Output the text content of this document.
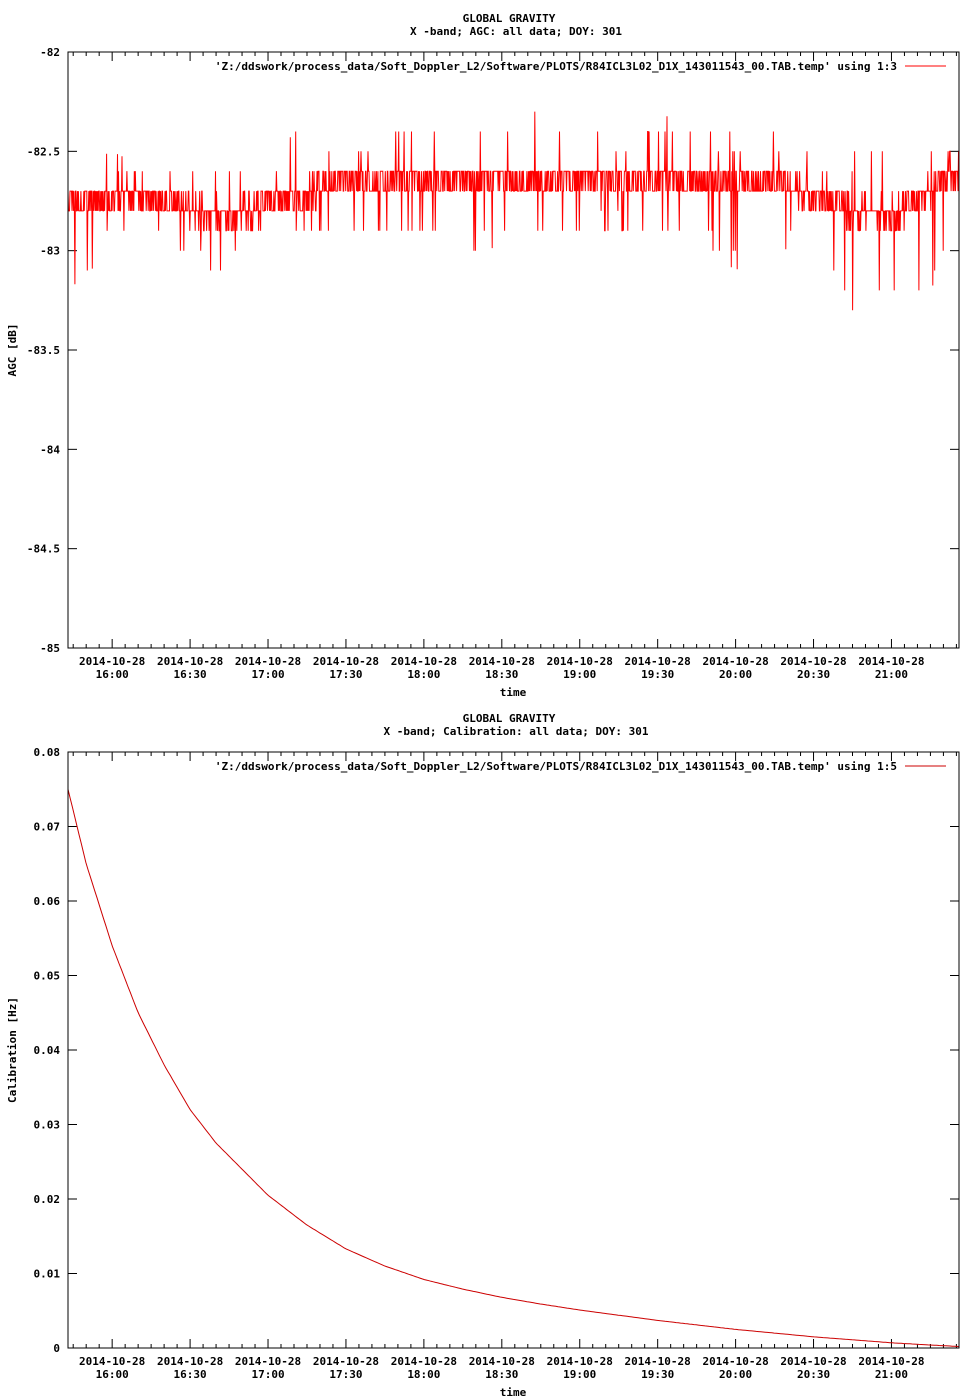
GLOBAL GRAVITY
X -band; AGC: all data; DOY: 301
-82
-82.5
-83
-83.5
-84
-84.5
-85
2014-10-28
16:00
2014-10-28
16:30
2014-10-28
17:00
2014-10-28
17:30
2014-10-28
18:00
2014-10-28
18:30
2014-10-28
19:00
2014-10-28
19:30
2014-10-28
20:00
2014-10-28
20:30
2014-10-28
21:00
AGC [dB]
time
'Z:/ddswork/process_data/Soft_Doppler_L2/Software/PLOTS/R84ICL3L02_D1X_143011543_00.TAB.temp' using 1:3
GLOBAL GRAVITY
X -band; Calibration: all data; DOY: 301
0.08
0.07
0.06
0.05
0.04
0.03
0.02
0.01
0
2014-10-28
16:00
2014-10-28
16:30
2014-10-28
17:00
2014-10-28
17:30
2014-10-28
18:00
2014-10-28
18:30
2014-10-28
19:00
2014-10-28
19:30
2014-10-28
20:00
2014-10-28
20:30
2014-10-28
21:00
Calibration [Hz]
time
'Z:/ddswork/process_data/Soft_Doppler_L2/Software/PLOTS/R84ICL3L02_D1X_143011543_00.TAB.temp' using 1:5
